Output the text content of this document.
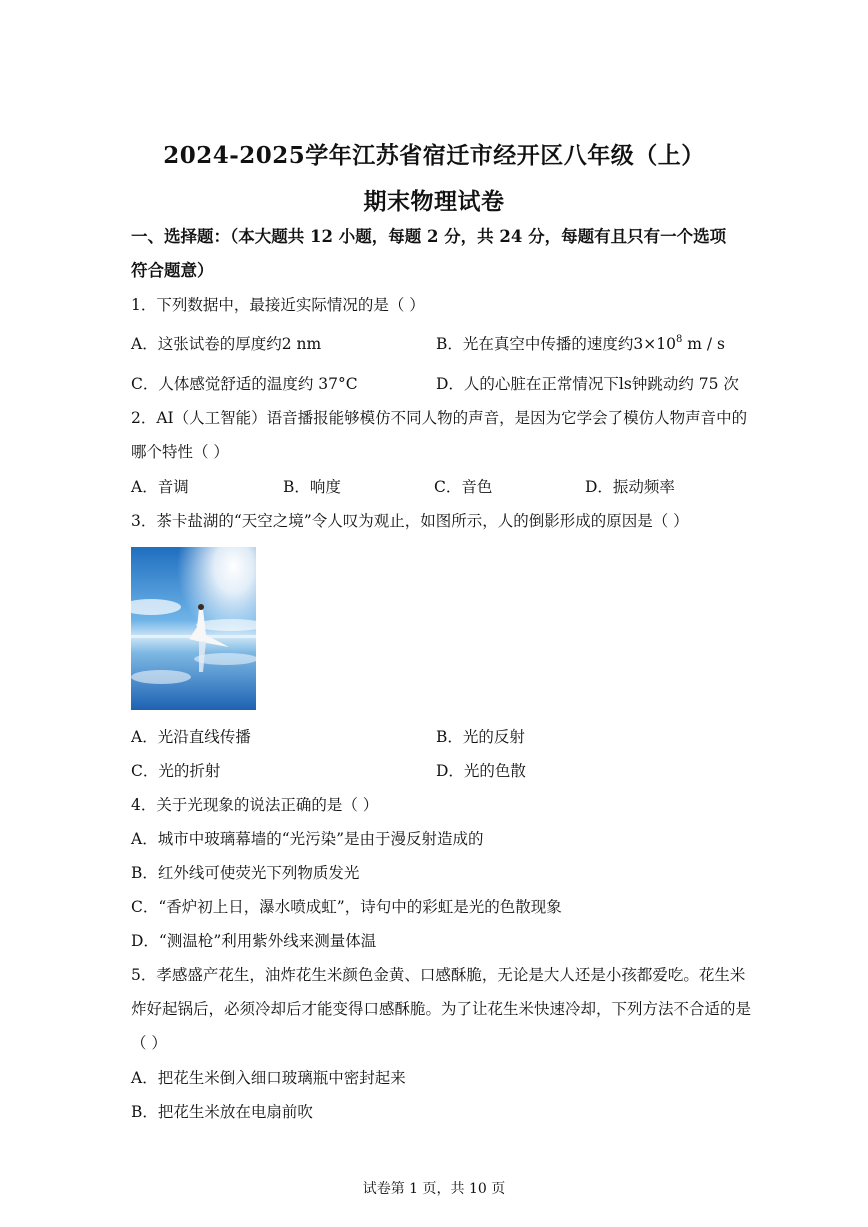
2024-2025学年江苏省宿迁市经开区八年级（上）
期末物理试卷
一、选择题：（本大题共 12 小题，每题 2 分，共 24 分，每题有且只有一个选项
符合题意）
1．下列数据中，最接近实际情况的是（ ）
A．这张试卷的厚度约2 nm	B．光在真空中传播的速度约$3\times 10^8$ m / s
C．人体感觉舒适的温度约 37°C	D．人的心脏在正常情况下ls钟跳动约 75 次
2．AI（人工智能）语音播报能够模仿不同人物的声音，是因为它学会了模仿人物声音中的
哪个特性（ ）
A．音调	B．响度	C．音色	D．振动频率
3．茶卡盐湖的“天空之境”令人叹为观止，如图所示，人的倒影形成的原因是（ ）
A．光沿直线传播	B．光的反射
C．光的折射	D．光的色散
4．关于光现象的说法正确的是（ ）
A．城市中玻璃幕墙的“光污染”是由于漫反射造成的
B．红外线可使荧光下列物质发光
C．“香炉初上日，瀑水喷成虹”，诗句中的彩虹是光的色散现象
D．“测温枪”利用紫外线来测量体温
5．孝感盛产花生，油炸花生米颜色金黄、口感酥脆，无论是大人还是小孩都爱吃。花生米
炸好起锅后，必须冷却后才能变得口感酥脆。为了让花生米快速冷却，下列方法不合适的是
（ ）
A．把花生米倒入细口玻璃瓶中密封起来
B．把花生米放在电扇前吹
试卷第 1 页，共 10 页
